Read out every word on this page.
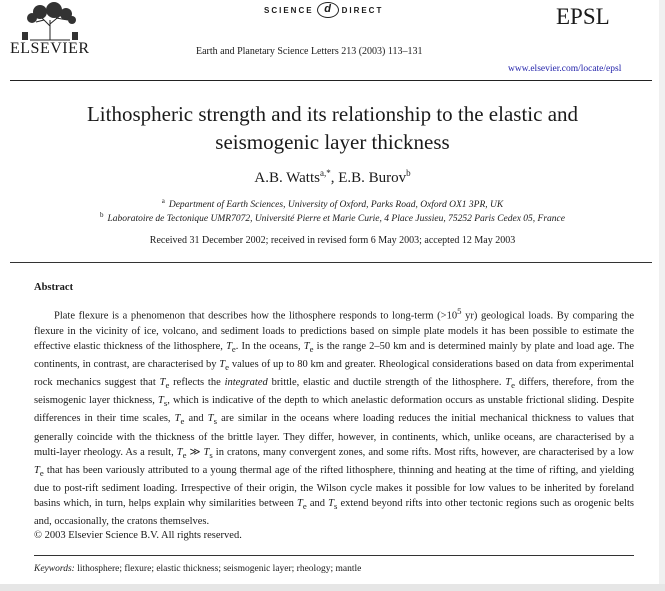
ELSEVIER
SCIENCE d	DIRECT	EPSL
Earth and Planetary Science Letters 213 (2003) 113–131
www.elsevier.com/locate/epsl
Lithospheric strength and its relationship to the elastic and
seismogenic layer thickness
A.B. Watts$^{a,*}$, E.B. Burov$^b$
$^a$ Department of Earth Sciences, University of Oxford, Parks Road, Oxford OX1 3PR, UK
$^b$ Laboratoire de Tectonique UMR7072, Université Pierre et Marie Curie, 4 Place Jussieu, 75252 Paris Cedex 05, France
Received 31 December 2002; received in revised form 6 May 2003; accepted 12 May 2003
Abstract
Plate flexure is a phenomenon that describes how the lithosphere responds to long-term ($>10^5$ yr) geological loads. By comparing the flexure in the vicinity of ice, volcano, and sediment loads to predictions based on simple plate models it has been possible to estimate the effective elastic thickness of the lithosphere, $T_e$. In the oceans, $T_e$ is the range 2–50 km and is determined mainly by plate and load age. The continents, in contrast, are characterised by $T_e$ values of up to 80 km and greater. Rheological considerations based on data from experimental rock mechanics suggest that $T_e$ reflects the integrated brittle, elastic and ductile strength of the lithosphere. $T_e$ differs, therefore, from the seismogenic layer thickness, $T_s$, which is indicative of the depth to which anelastic deformation occurs as unstable frictional sliding. Despite differences in their time scales, $T_e$ and $T_s$ are similar in the oceans where loading reduces the initial mechanical thickness to values that generally coincide with the thickness of the brittle layer. They differ, however, in continents, which, unlike oceans, are characterised by a multi-layer rheology. As a result, $T_e$ ≫ $T_s$ in cratons, many convergent zones, and some rifts. Most rifts, however, are characterised by a low $T_e$ that has been variously attributed to a young thermal age of the rifted lithosphere, thinning and heating at the time of rifting, and yielding due to post-rift sediment loading. Irrespective of their origin, the Wilson cycle makes it possible for low values to be inherited by foreland basins which, in turn, helps explain why similarities between $T_e$ and $T_s$ extend beyond rifts into other tectonic regions such as orogenic belts and, occasionally, the cratons themselves.
© 2003 Elsevier Science B.V. All rights reserved.
Keywords: lithosphere; flexure; elastic thickness; seismogenic layer; rheology; mantle
